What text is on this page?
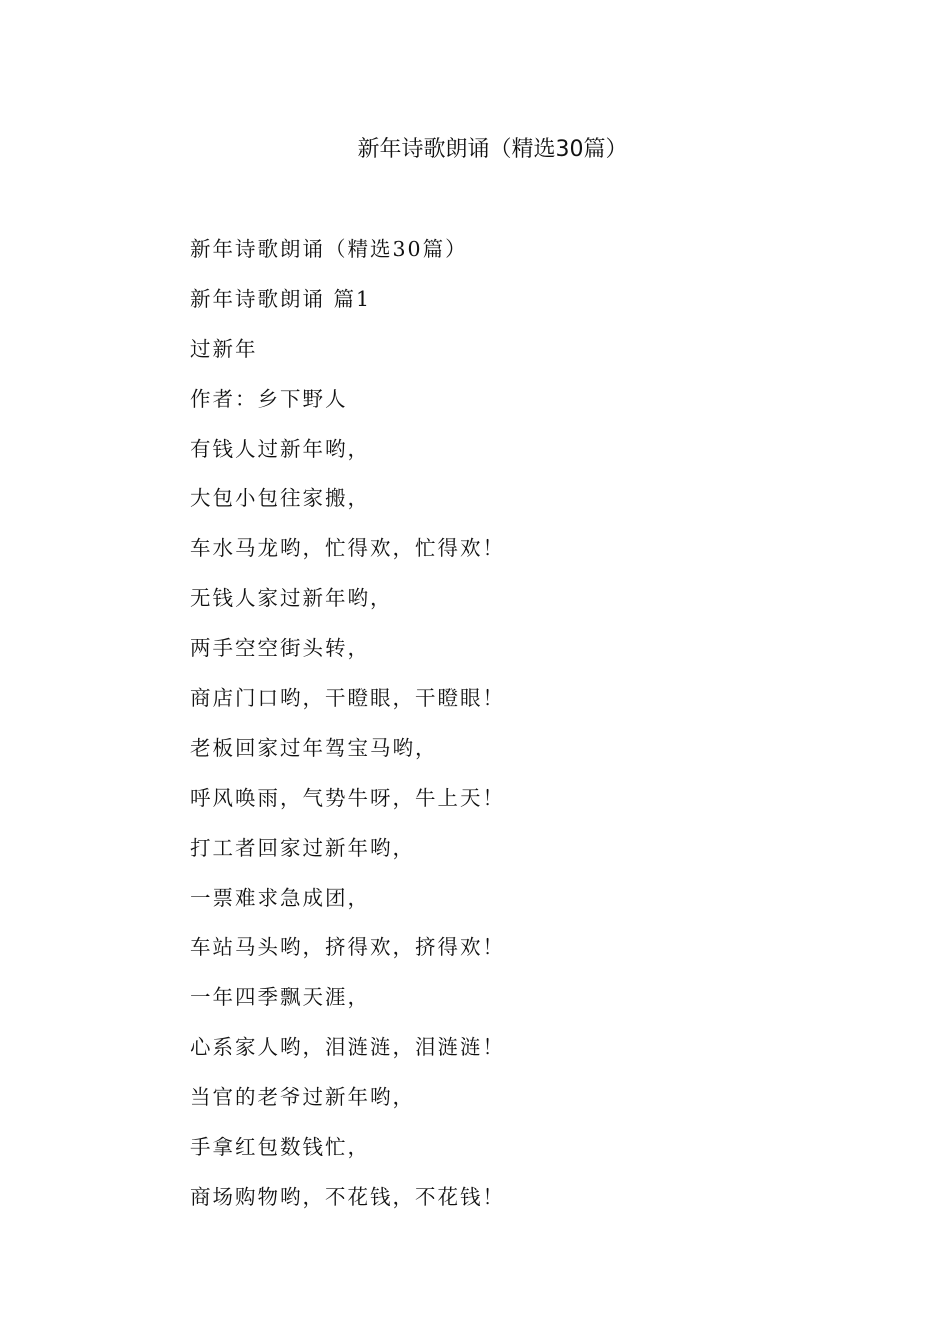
新年诗歌朗诵（精选30篇）
新年诗歌朗诵（精选30篇）
新年诗歌朗诵 篇1
过新年
作者：乡下野人
有钱人过新年哟，
大包小包往家搬，
车水马龙哟，忙得欢，忙得欢！
无钱人家过新年哟，
两手空空街头转，
商店门口哟，干瞪眼，干瞪眼！
老板回家过年驾宝马哟，
呼风唤雨，气势牛呀，牛上天！
打工者回家过新年哟，
一票难求急成团，
车站马头哟，挤得欢，挤得欢！
一年四季飘天涯，
心系家人哟，泪涟涟，泪涟涟！
当官的老爷过新年哟，
手拿红包数钱忙，
商场购物哟，不花钱，不花钱！
